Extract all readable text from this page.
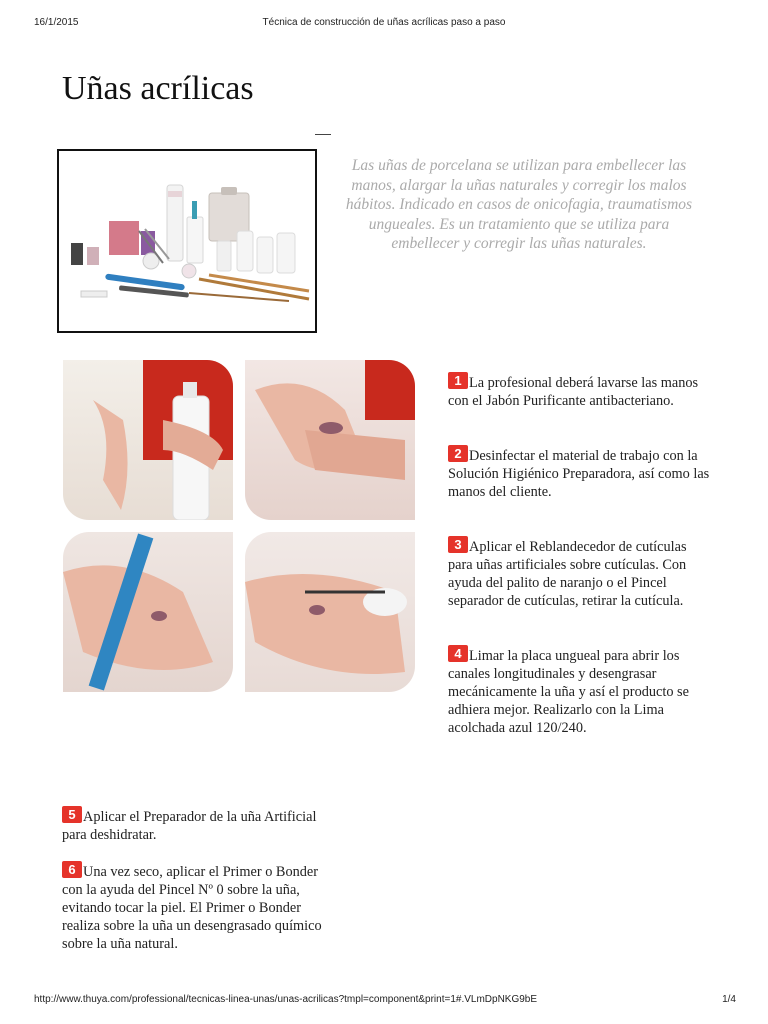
16/1/2015	Técnica de construcción de uñas acrílicas paso a paso
Uñas acrílicas
Las uñas de porcelana se utilizan para embellecer las manos, alargar la uñas naturales y corregir los malos hábitos. Indicado en casos de onicofagia, traumatismos ungueales. Es un tratamiento que se utiliza para embellecer y corregir las uñas naturales.
1 La profesional deberá lavarse las manos con el Jabón Purificante antibacteriano.
2 Desinfectar el material de trabajo con la Solución Higiénico Preparadora, así como las manos del cliente.
3 Aplicar el Reblandecedor de cutículas para uñas artificiales sobre cutículas. Con ayuda del palito de naranjo o el Pincel separador de cutículas, retirar la cutícula.
4 Limar la placa ungueal para abrir los canales longitudinales y desengrasar mecánicamente la uña y así el producto se adhiera mejor. Realizarlo con la Lima acolchada azul 120/240.
5 Aplicar el Preparador de la uña Artificial para deshidratar.
6 Una vez seco, aplicar el Primer o Bonder con la ayuda del Pincel Nº 0 sobre la uña, evitando tocar la piel. El Primer o Bonder realiza sobre la uña un desengrasado químico sobre la uña natural.
http://www.thuya.com/professional/tecnicas-linea-unas/unas-acrilicas?tmpl=component&print=1#.VLmDpNKG9bE	1/4
